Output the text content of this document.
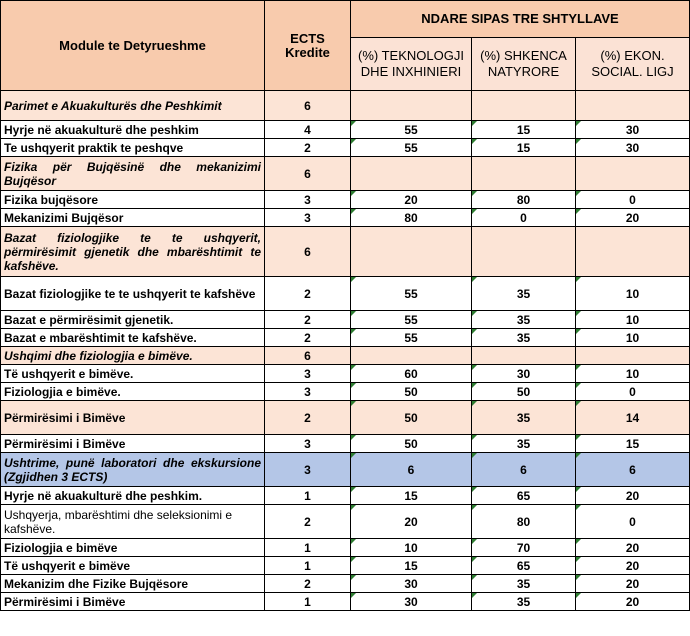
Module te Detyrueshme	ECTS Kredite	NDARE SIPAS TRE SHTYLLAVE		
		(%) TEKNOLOGJI DHE INXHINIERI	(%) SHKENCA NATYRORE	(%) EKON. SOCIAL. LIGJ
Parimet e Akuakulturës dhe Peshkimit	6			
Hyrje në akuakulturë dhe peshkim	4	55	15	30
Te ushqyerit praktik te peshqve	2	55	15	30
Fizika për Bujqësinë dhe mekanizimi Bujqësor	6			
Fizika bujqësore	3	20	80	0
Mekanizimi Bujqësor	3	80	0	20
Bazat fiziologjike te te ushqyerit, përmirësimit gjenetik dhe mbarështimit te kafshëve.	6			
Bazat fiziologjike te te ushqyerit te kafshëve	2	55	35	10
Bazat e përmirësimit gjenetik.	2	55	35	10
Bazat e mbarështimit te kafshëve.	2	55	35	10
Ushqimi dhe fiziologjia e bimëve.	6			
Të ushqyerit e bimëve.	3	60	30	10
Fiziologjia e bimëve.	3	50	50	0
Përmirësimi i Bimëve	2	50	35	14
Përmirësimi i Bimëve	3	50	35	15
Ushtrime, punë laboratori dhe ekskursione (Zgjidhen 3 ECTS)	3	6	6	6
Hyrje në akuakulturë dhe peshkim.	1	15	65	20
Ushqyerja, mbarështimi dhe seleksionimi e kafshëve.	2	20	80	0
Fiziologjia e bimëve	1	10	70	20
Të ushqyerit e bimëve	1	15	65	20
Mekanizim dhe Fizike Bujqësore	2	30	35	20
Përmirësimi i Bimëve	1	30	35	20
